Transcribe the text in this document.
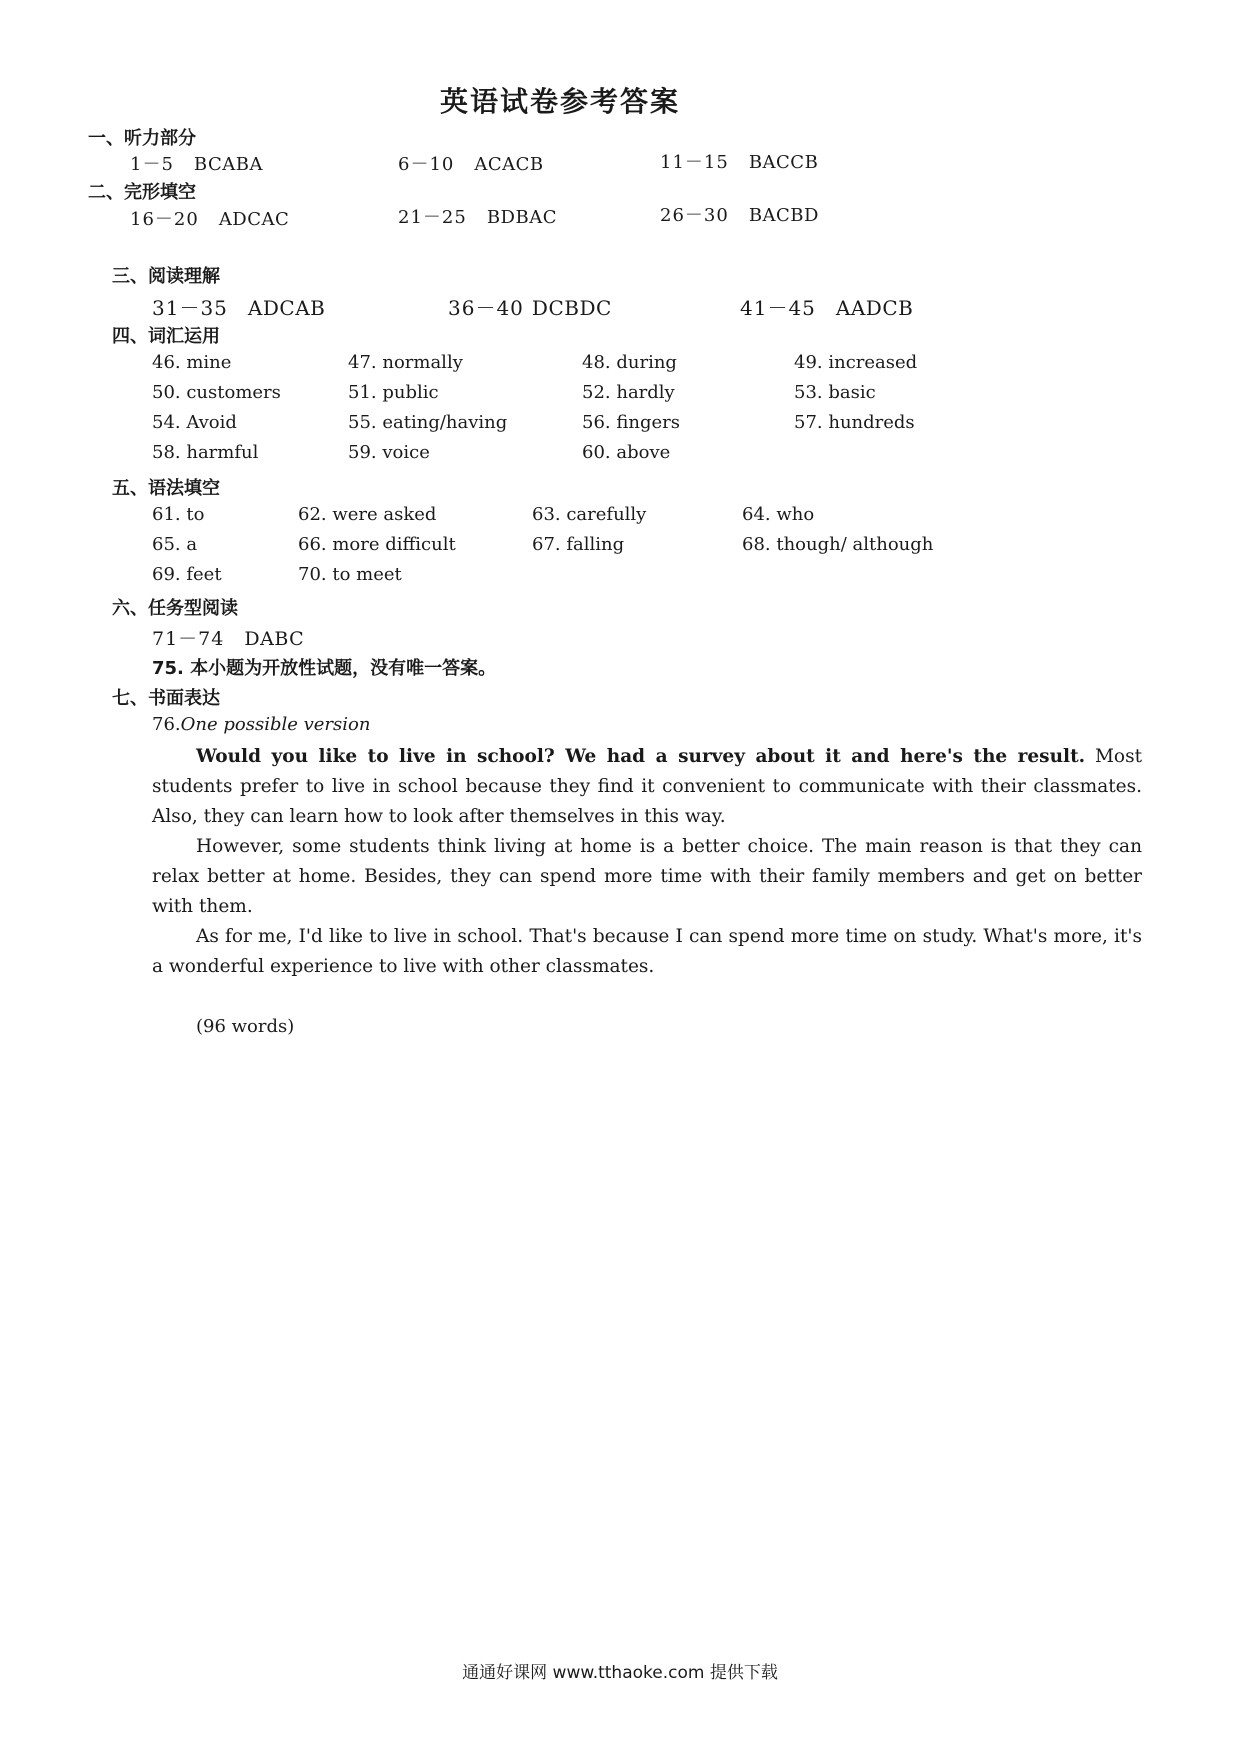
英语试卷参考答案
一、听力部分
1－5 BCABA	6－10 ACACB	11－15 BACCB
二、完形填空
16－20 ADCAC	21－25 BDBAC	26－30 BACBD
三、阅读理解
31－35 ADCAB	36－40 DCBDC	41－45 AADCB
四、词汇运用
46. mine	47. normally	48. during	49. increased
50. customers	51. public	52. hardly	53. basic
54. Avoid	55. eating/having	56. fingers	57. hundreds
58. harmful	59. voice	60. above
五、语法填空
61. to	62. were asked	63. carefully	64. who
65. a	66. more difficult	67. falling	68. though/ although
69. feet	70. to meet
六、任务型阅读
71－74 DABC
75. 本小题为开放性试题，没有唯一答案。
七、书面表达
76.One possible version

Would you like to live in school? We had a survey about it and here's the result. Most students prefer to live in school because they find it convenient to communicate with their classmates. Also, they can learn how to look after themselves in this way.

However, some students think living at home is a better choice. The main reason is that they can relax better at home. Besides, they can spend more time with their family members and get on better with them.

As for me, I'd like to live in school. That's because I can spend more time on study. What's more, it's a wonderful experience to live with other classmates.

(96 words)
通通好课网 www.tthaoke.com 提供下载
